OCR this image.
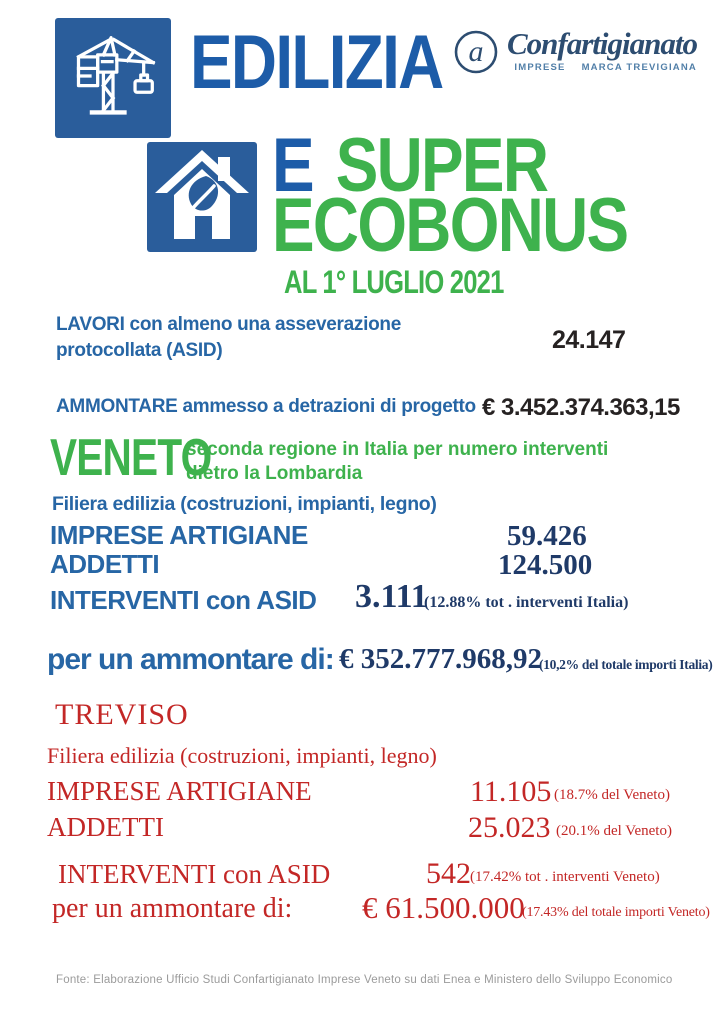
EDILIZIA a Confartigianato
IMPRESE MARCA TREVIGIANA
E SUPER
ECOBONUS
AL 1° LUGLIO 2021
LAVORI con almeno una asseverazione
protocollata (ASID)	24.147
AMMONTARE ammesso a detrazioni di progetto € 3.452.374.363,15
VENETO
seconda regione in Italia per numero interventi
dietro la Lombardia
Filiera edilizia (costruzioni, impianti, legno)
IMPRESE ARTIGIANE	59.426
ADDETTI	124.500
INTERVENTI con ASID 3.111
(12.88% tot . interventi Italia)
per un ammontare di: € 352.777.968,92
(10,2% del totale importi Italia)
TREVISO
Filiera edilizia (costruzioni, impianti, legno)
IMPRESE ARTIGIANE	11.105 (18.7% del Veneto)
ADDETTI	25.023 (20.1% del Veneto)
INTERVENTI con ASID	542 (17.42% tot . interventi Veneto)
per un ammontare di: € 61.500.000
(17.43% del totale importi Veneto)
Fonte: Elaborazione Ufficio Studi Confartigianato Imprese Veneto su dati Enea e Ministero dello Sviluppo Economico
